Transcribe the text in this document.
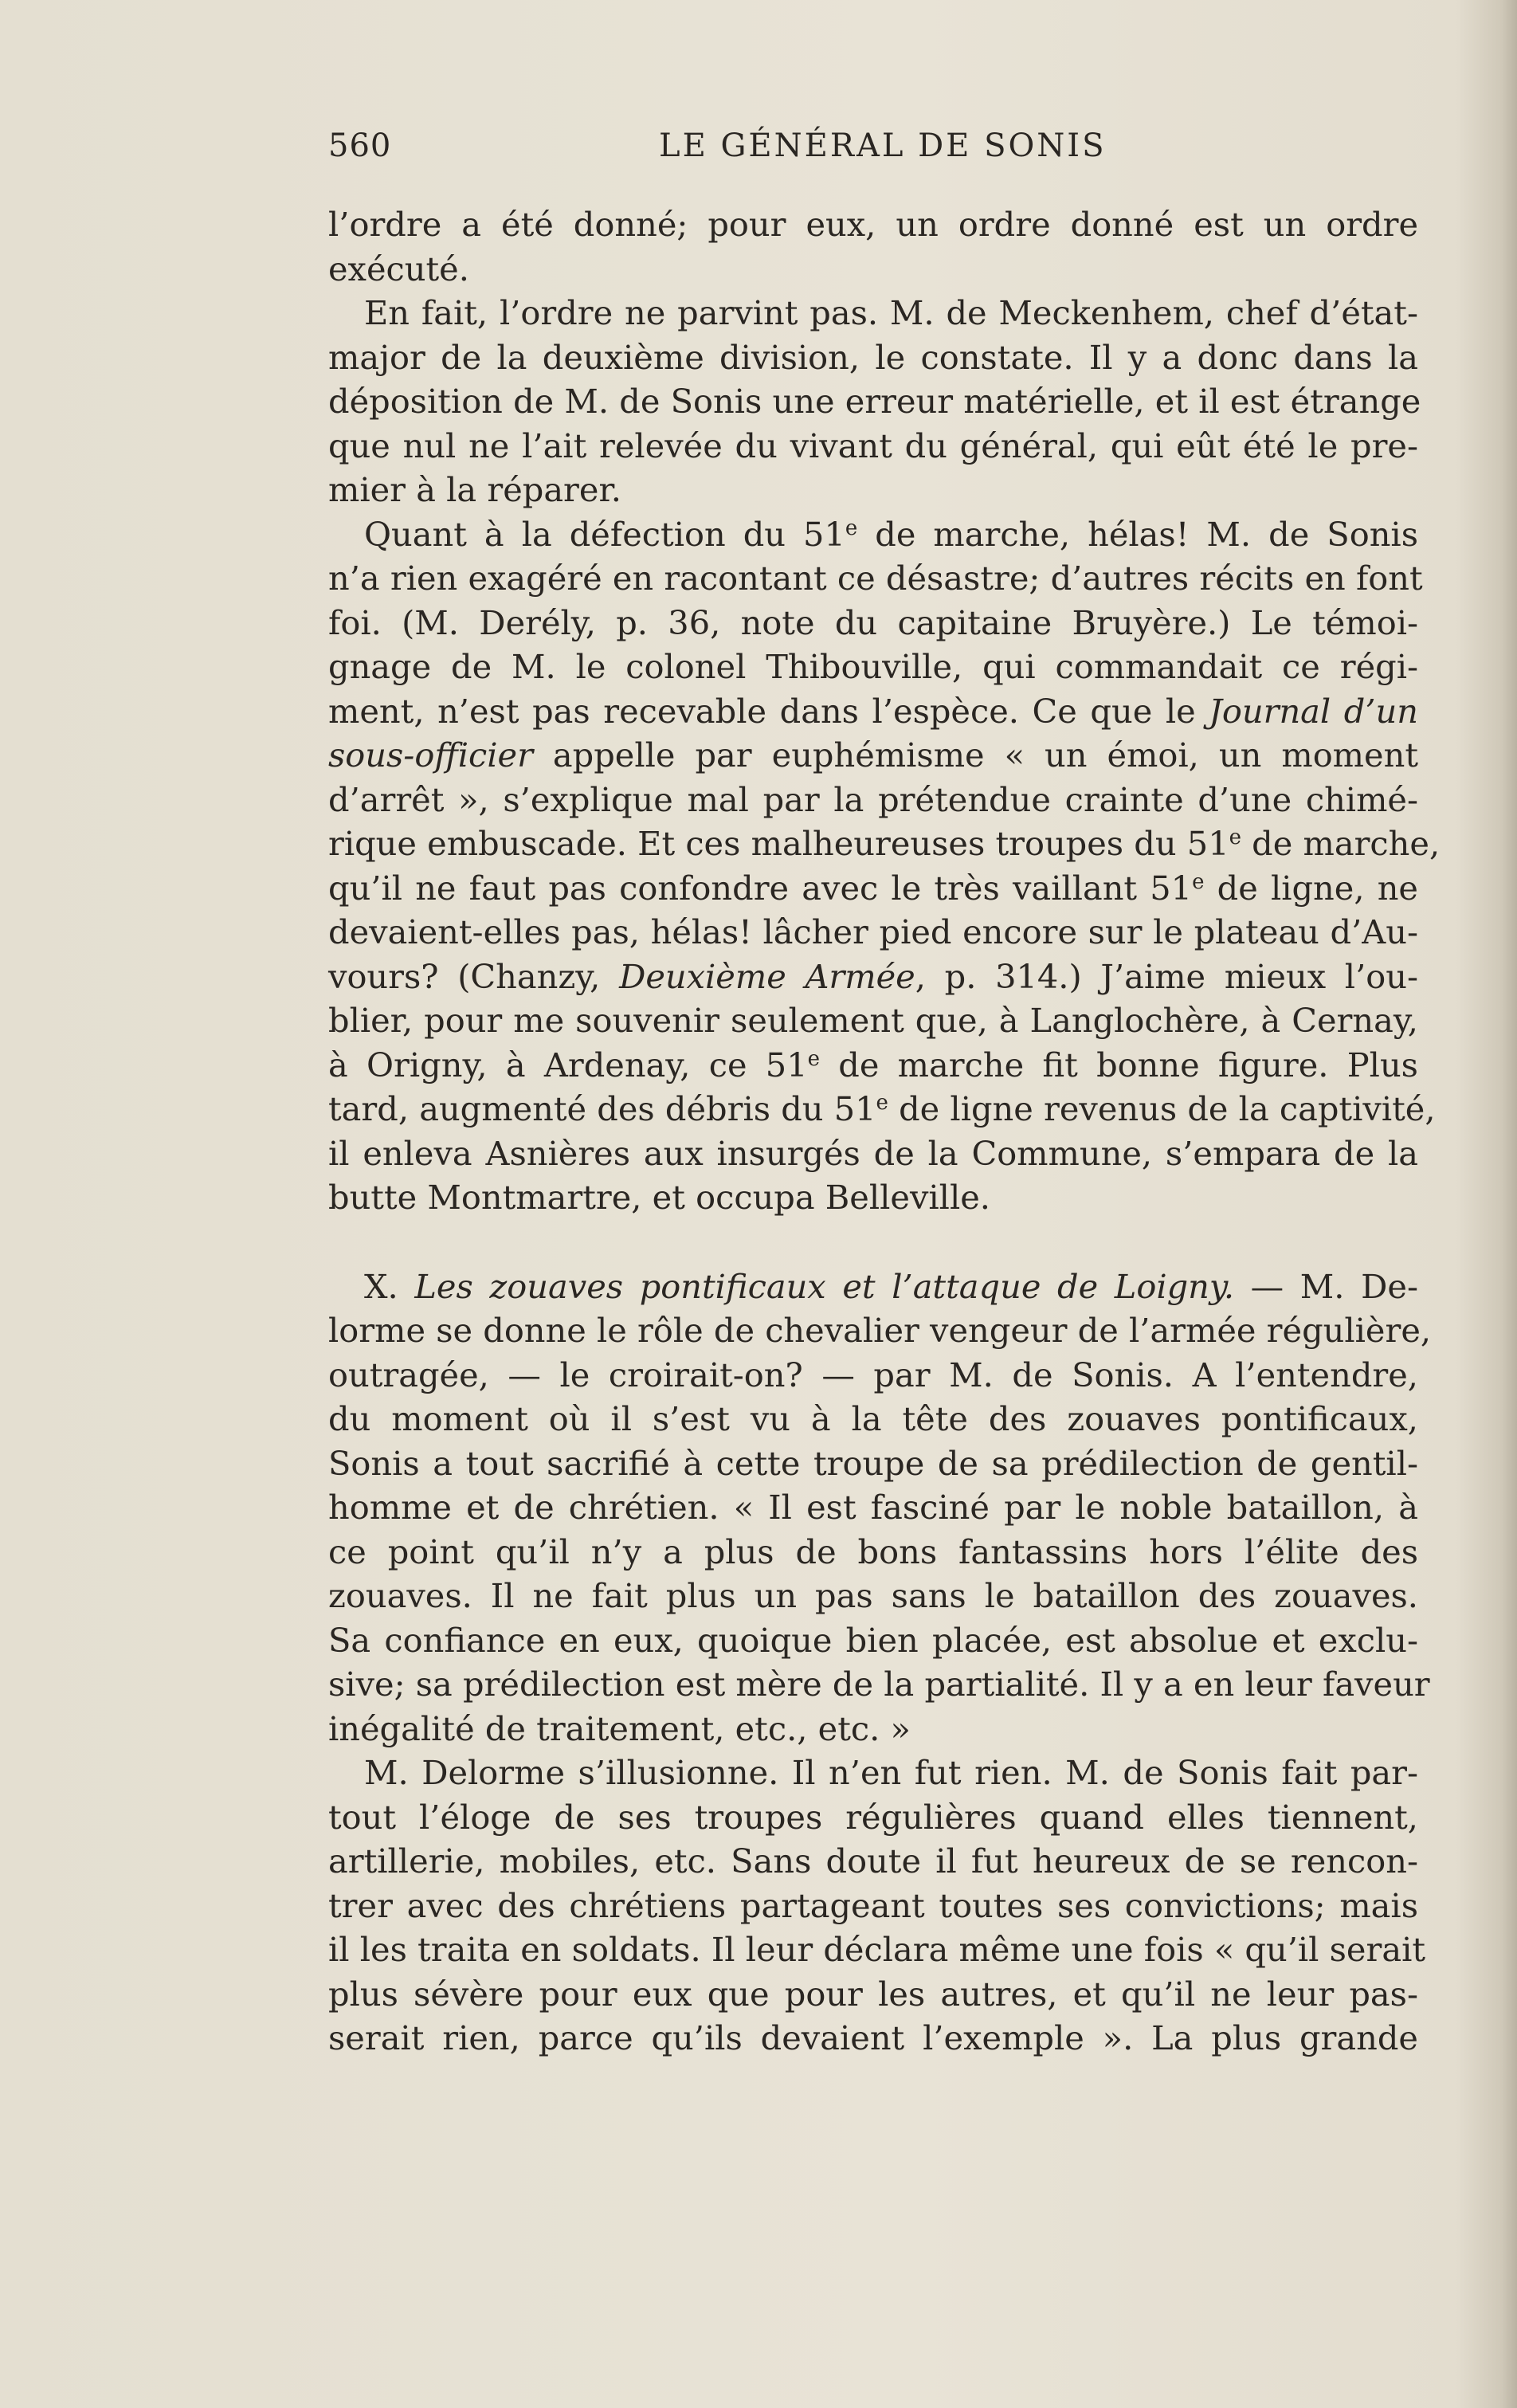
560	LE GÉNÉRAL DE SONIS
l’ordre a été donné; pour eux, un ordre donné est un ordre
exécuté.
En fait, l’ordre ne parvint pas. M. de Meckenhem, chef d’état-
major de la deuxième division, le constate. Il y a donc dans la
déposition de M. de Sonis une erreur matérielle, et il est étrange
que nul ne l’ait relevée du vivant du général, qui eût été le pre-
mier à la réparer.
Quant à la défection du 51e de marche, hélas! M. de Sonis
n’a rien exagéré en racontant ce désastre; d’autres récits en font
foi. (M. Derély, p. 36, note du capitaine Bruyère.) Le témoi-
gnage de M. le colonel Thibouville, qui commandait ce régi-
ment, n’est pas recevable dans l’espèce. Ce que le Journal d’un
sous-officier appelle par euphémisme « un émoi, un moment
d’arrêt », s’explique mal par la prétendue crainte d’une chimé-
rique embuscade. Et ces malheureuses troupes du 51e de marche,
qu’il ne faut pas confondre avec le très vaillant 51e de ligne, ne
devaient-elles pas, hélas! lâcher pied encore sur le plateau d’Au-
vours? (Chanzy, Deuxième Armée, p. 314.) J’aime mieux l’ou-
blier, pour me souvenir seulement que, à Langlochère, à Cernay,
à Origny, à Ardenay, ce 51e de marche fit bonne figure. Plus
tard, augmenté des débris du 51e de ligne revenus de la captivité,
il enleva Asnières aux insurgés de la Commune, s’empara de la
butte Montmartre, et occupa Belleville.
X. Les zouaves pontificaux et l’attaque de Loigny. — M. De-
lorme se donne le rôle de chevalier vengeur de l’armée régulière,
outragée, — le croirait-on? — par M. de Sonis. A l’entendre,
du moment où il s’est vu à la tête des zouaves pontificaux,
Sonis a tout sacrifié à cette troupe de sa prédilection de gentil-
homme et de chrétien. « Il est fasciné par le noble bataillon, à
ce point qu’il n’y a plus de bons fantassins hors l’élite des
zouaves. Il ne fait plus un pas sans le bataillon des zouaves.
Sa confiance en eux, quoique bien placée, est absolue et exclu-
sive; sa prédilection est mère de la partialité. Il y a en leur faveur
inégalité de traitement, etc., etc. »
M. Delorme s’illusionne. Il n’en fut rien. M. de Sonis fait par-
tout l’éloge de ses troupes régulières quand elles tiennent,
artillerie, mobiles, etc. Sans doute il fut heureux de se rencon-
trer avec des chrétiens partageant toutes ses convictions; mais
il les traita en soldats. Il leur déclara même une fois « qu’il serait
plus sévère pour eux que pour les autres, et qu’il ne leur pas-
serait rien, parce qu’ils devaient l’exemple ». La plus grande
